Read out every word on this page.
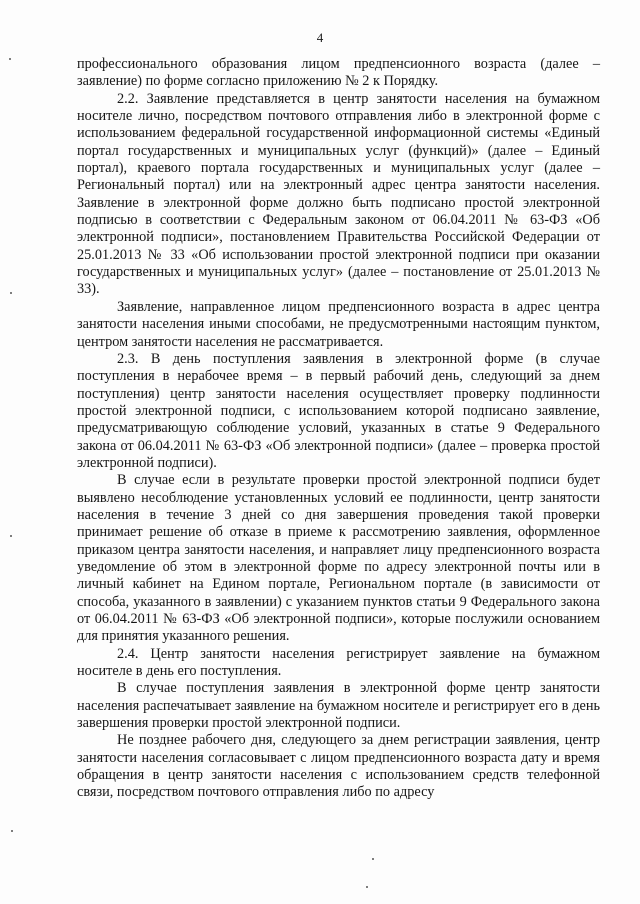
4

профессионального образования лицом предпенсионного возраста (далее – заявление) по форме согласно приложению № 2 к Порядку.

2.2. Заявление представляется в центр занятости населения на бумажном носителе лично, посредством почтового отправления либо в электронной форме с использованием федеральной государственной информационной системы «Единый портал государственных и муниципальных услуг (функций)» (далее – Единый портал), краевого портала государственных и муниципальных услуг (далее – Региональный портал) или на электронный адрес центра занятости населения. Заявление в электронной форме должно быть подписано простой электронной подписью в соответствии с Федеральным законом от 06.04.2011 № 63-ФЗ «Об электронной подписи», постановлением Правительства Российской Федерации от 25.01.2013 № 33 «Об использовании простой электронной подписи при оказании государственных и муниципальных услуг» (далее – постановление от 25.01.2013 № 33).

Заявление, направленное лицом предпенсионного возраста в адрес центра занятости населения иными способами, не предусмотренными настоящим пунктом, центром занятости населения не рассматривается.

2.3. В день поступления заявления в электронной форме (в случае поступления в нерабочее время – в первый рабочий день, следующий за днем поступления) центр занятости населения осуществляет проверку подлинности простой электронной подписи, с использованием которой подписано заявление, предусматривающую соблюдение условий, указанных в статье 9 Федерального закона от 06.04.2011 № 63-ФЗ «Об электронной подписи» (далее – проверка простой электронной подписи).

В случае если в результате проверки простой электронной подписи будет выявлено несоблюдение установленных условий ее подлинности, центр занятости населения в течение 3 дней со дня завершения проведения такой проверки принимает решение об отказе в приеме к рассмотрению заявления, оформленное приказом центра занятости населения, и направляет лицу предпенсионного возраста уведомление об этом в электронной форме по адресу электронной почты или в личный кабинет на Едином портале, Региональном портале (в зависимости от способа, указанного в заявлении) с указанием пунктов статьи 9 Федерального закона от 06.04.2011 № 63-ФЗ «Об электронной подписи», которые послужили основанием для принятия указанного решения.

2.4. Центр занятости населения регистрирует заявление на бумажном носителе в день его поступления.

В случае поступления заявления в электронной форме центр занятости населения распечатывает заявление на бумажном носителе и регистрирует его в день завершения проверки простой электронной подписи.

Не позднее рабочего дня, следующего за днем регистрации заявления, центр занятости населения согласовывает с лицом предпенсионного возраста дату и время обращения в центр занятости населения с использованием средств телефонной связи, посредством почтового отправления либо по адресу
